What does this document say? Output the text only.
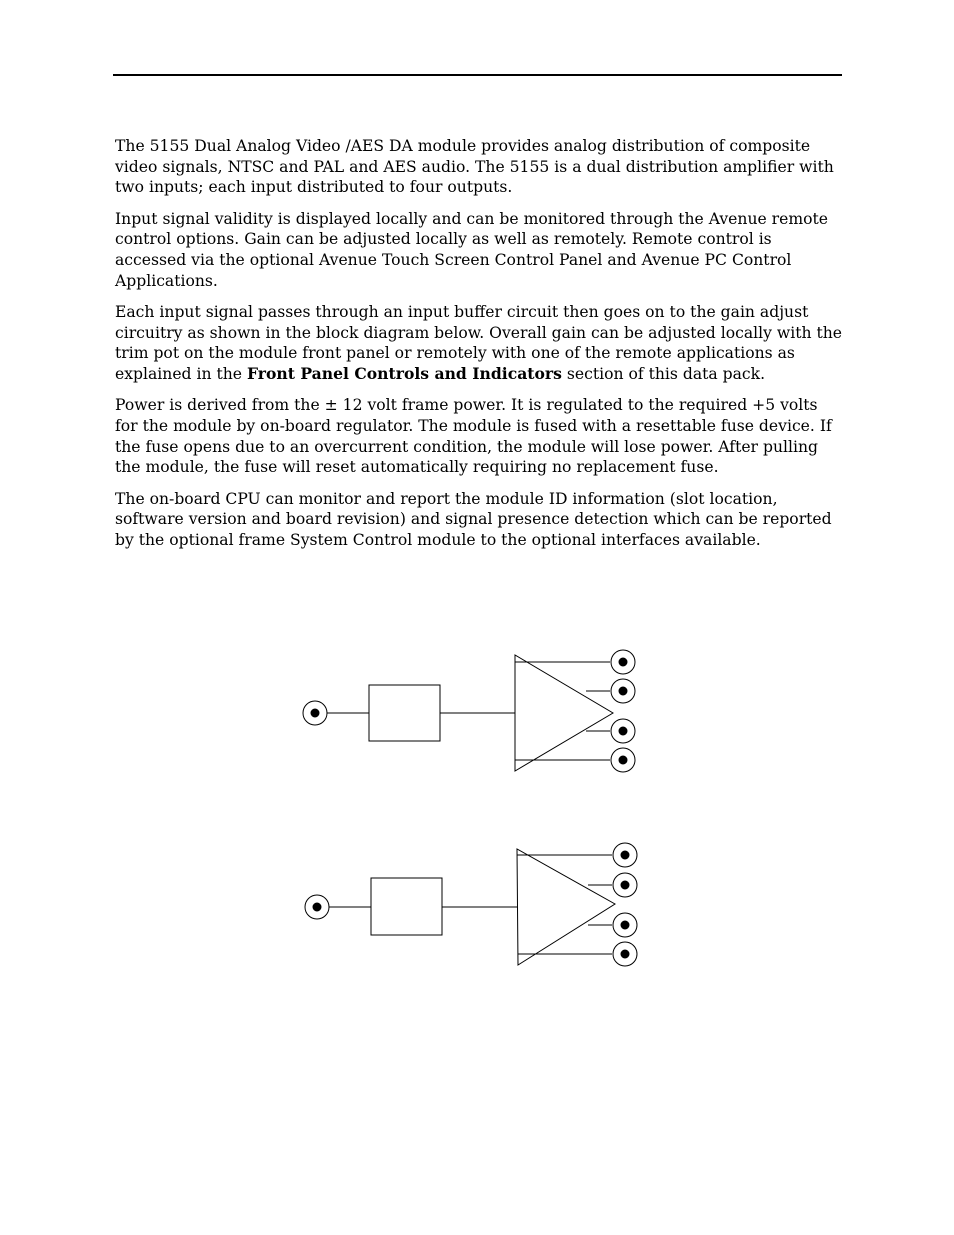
The 5155 Dual Analog Video /AES DA module provides analog distribution of composite video signals, NTSC and PAL and AES audio. The 5155 is a dual distribution amplifier with two inputs; each input distributed to four outputs.

Input signal validity is displayed locally and can be monitored through the Avenue remote control options. Gain can be adjusted locally as well as remotely. Remote control is accessed via the optional Avenue Touch Screen Control Panel and Avenue PC Control Applications.

Each input signal passes through an input buffer circuit then goes on to the gain adjust circuitry as shown in the block diagram below. Overall gain can be adjusted locally with the trim pot on the module front panel or remotely with one of the remote applications as explained in the Front Panel Controls and Indicators section of this data pack.

Power is derived from the ± 12 volt frame power. It is regulated to the required +5 volts for the module by on-board regulator. The module is fused with a resettable fuse device. If the fuse opens due to an overcurrent condition, the module will lose power. After pulling the module, the fuse will reset automatically requiring no replacement fuse.

The on-board CPU can monitor and report the module ID information (slot location, software version and board revision) and signal presence detection which can be reported by the optional frame System Control module to the optional interfaces available.
